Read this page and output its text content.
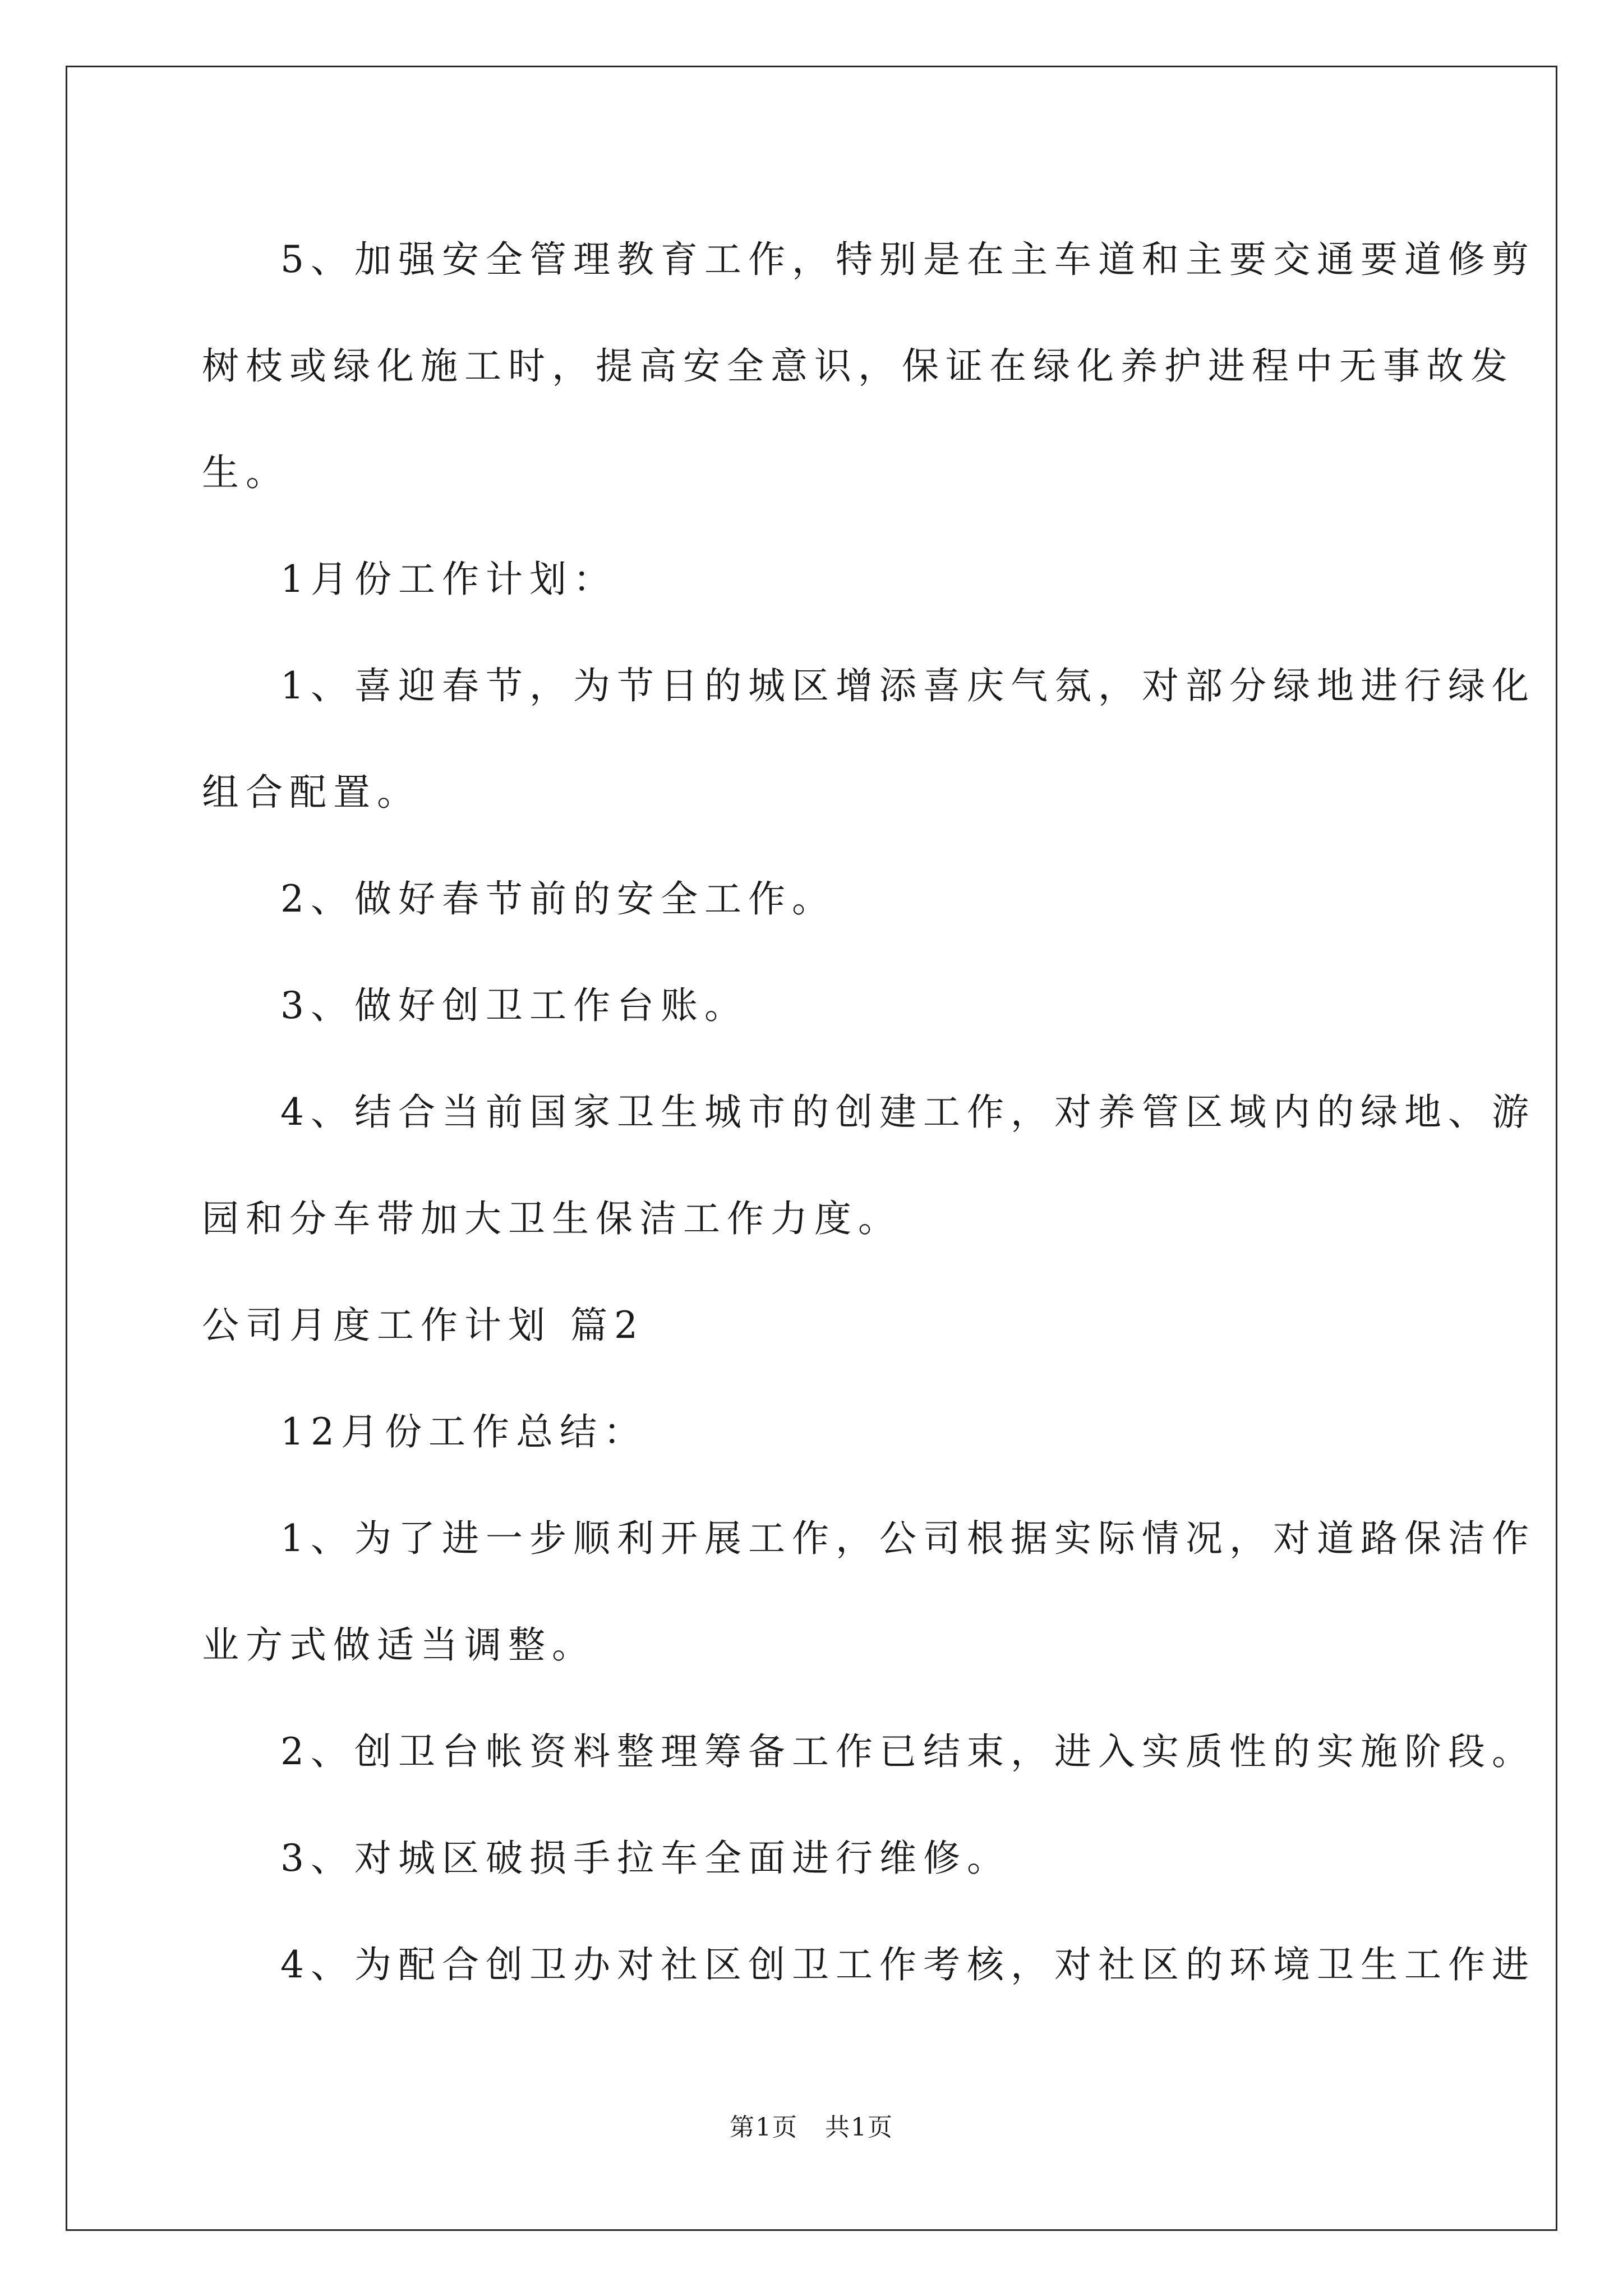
5、加强安全管理教育工作，特别是在主车道和主要交通要道修剪
树枝或绿化施工时，提高安全意识，保证在绿化养护进程中无事故发
生。
1月份工作计划：
1、喜迎春节，为节日的城区增添喜庆气氛，对部分绿地进行绿化
组合配置。
2、做好春节前的安全工作。
3、做好创卫工作台账。
4、结合当前国家卫生城市的创建工作，对养管区域内的绿地、游
园和分车带加大卫生保洁工作力度。
公司月度工作计划 篇2
12月份工作总结：
1、为了进一步顺利开展工作，公司根据实际情况，对道路保洁作
业方式做适当调整。
2、创卫台帐资料整理筹备工作已结束，进入实质性的实施阶段。
3、对城区破损手拉车全面进行维修。
4、为配合创卫办对社区创卫工作考核，对社区的环境卫生工作进
第1页   共1页
